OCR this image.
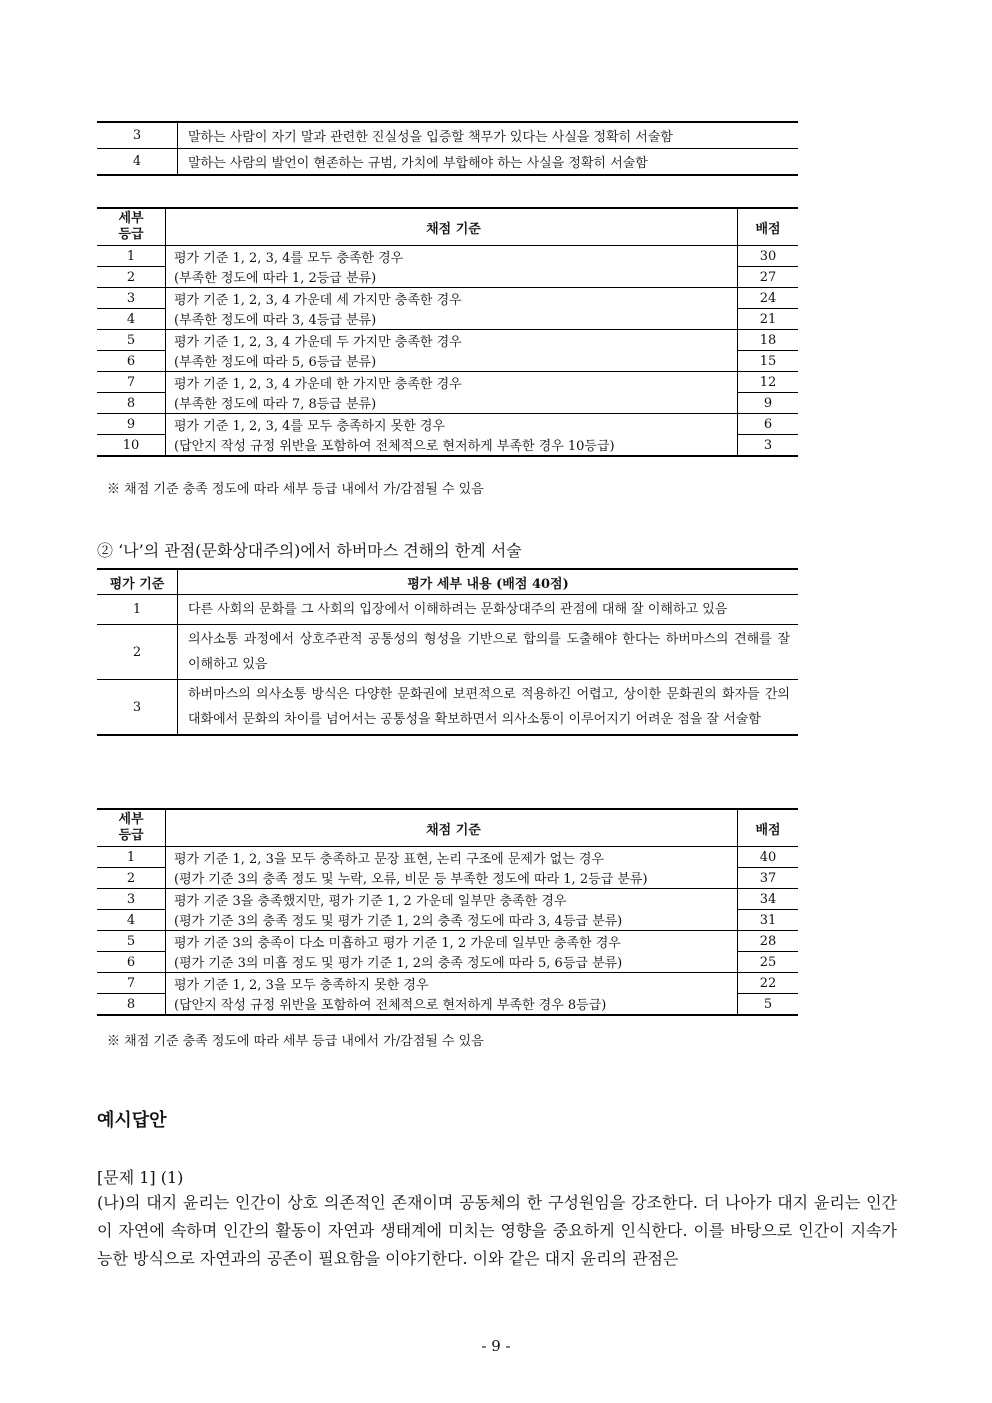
3	말하는 사람이 자기 말과 관련한 진실성을 입증할 책무가 있다는 사실을 정확히 서술함
4	말하는 사람의 발언이 현존하는 규범, 가치에 부합해야 하는 사실을 정확히 서술함
세부
등급	채점 기준	배점
1	평가 기준 1, 2, 3, 4를 모두 충족한 경우	30
2	(부족한 정도에 따라 1, 2등급 분류)	27
3	평가 기준 1, 2, 3, 4 가운데 세 가지만 충족한 경우	24
4	(부족한 정도에 따라 3, 4등급 분류)	21
5	평가 기준 1, 2, 3, 4 가운데 두 가지만 충족한 경우	18
6	(부족한 정도에 따라 5, 6등급 분류)	15
7	평가 기준 1, 2, 3, 4 가운데 한 가지만 충족한 경우	12
8	(부족한 정도에 따라 7, 8등급 분류)	9
9	평가 기준 1, 2, 3, 4를 모두 충족하지 못한 경우	6
10	(답안지 작성 규정 위반을 포함하여 전체적으로 현저하게 부족한 경우 10등급)	3
※ 채점 기준 충족 정도에 따라 세부 등급 내에서 가/감점될 수 있음
② ‘나’의 관점(문화상대주의)에서 하버마스 견해의 한계 서술
평가 기준	평가 세부 내용 (배점 40점)
1	다른 사회의 문화를 그 사회의 입장에서 이해하려는 문화상대주의 관점에 대해 잘 이해하고 있음
2	의사소통 과정에서 상호주관적 공통성의 형성을 기반으로 합의를 도출해야 한다는 하버마스의 견해를 잘 이해하고 있음
3	하버마스의 의사소통 방식은 다양한 문화권에 보편적으로 적용하긴 어렵고, 상이한 문화권의 화자들 간의 대화에서 문화의 차이를 넘어서는 공통성을 확보하면서 의사소통이 이루어지기 어려운 점을 잘 서술함
세부
등급	채점 기준	배점
1	평가 기준 1, 2, 3을 모두 충족하고 문장 표현, 논리 구조에 문제가 없는 경우	40
2	(평가 기준 3의 충족 정도 및 누락, 오류, 비문 등 부족한 정도에 따라 1, 2등급 분류)	37
3	평가 기준 3을 충족했지만, 평가 기준 1, 2 가운데 일부만 충족한 경우	34
4	(평가 기준 3의 충족 정도 및 평가 기준 1, 2의 충족 정도에 따라 3, 4등급 분류)	31
5	평가 기준 3의 충족이 다소 미흡하고 평가 기준 1, 2 가운데 일부만 충족한 경우	28
6	(평가 기준 3의 미흡 정도 및 평가 기준 1, 2의 충족 정도에 따라 5, 6등급 분류)	25
7	평가 기준 1, 2, 3을 모두 충족하지 못한 경우	22
8	(답안지 작성 규정 위반을 포함하여 전체적으로 현저하게 부족한 경우 8등급)	5
※ 채점 기준 충족 정도에 따라 세부 등급 내에서 가/감점될 수 있음
예시답안
[문제 1] (1)
(나)의 대지 윤리는 인간이 상호 의존적인 존재이며 공동체의 한 구성원임을 강조한다. 더 나아가 대지 윤리는 인간이 자연에 속하며 인간의 활동이 자연과 생태계에 미치는 영향을 중요하게 인식한다. 이를 바탕으로 인간이 지속가능한 방식으로 자연과의 공존이 필요함을 이야기한다. 이와 같은 대지 윤리의 관점은
- 9 -
